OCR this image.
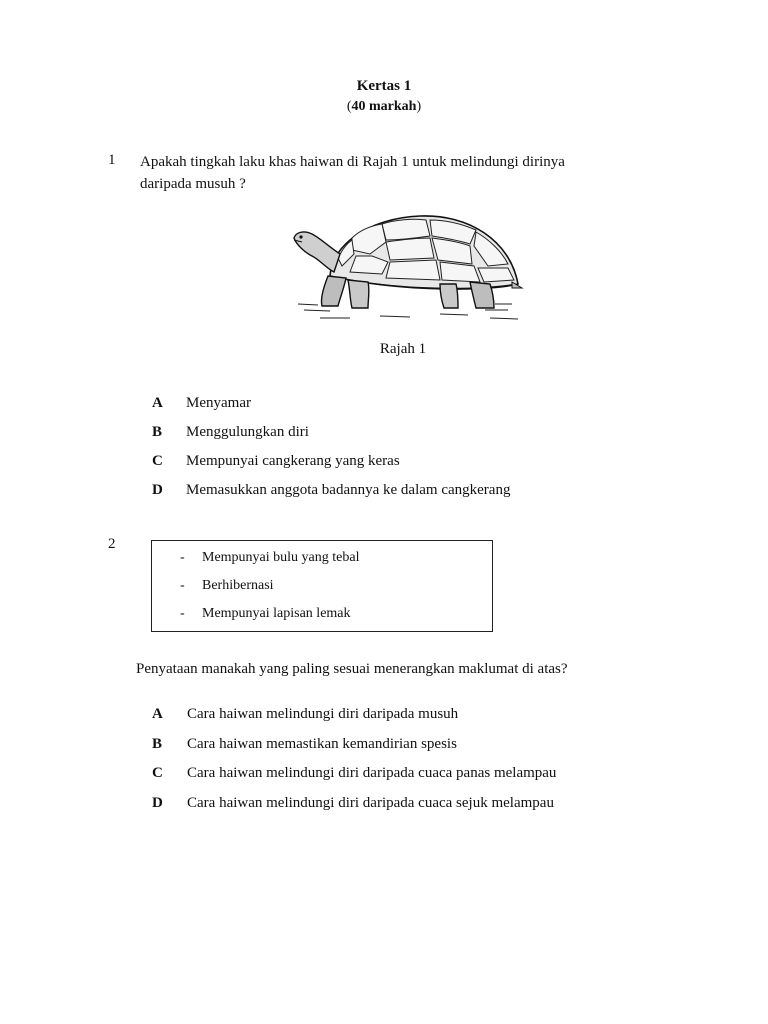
Kertas 1
(40 markah)
1 Apakah tingkah laku khas haiwan di Rajah 1 untuk melindungi dirinya
daripada musuh ?
Rajah 1
A Menyamar
B Menggulungkan diri
C Mempunyai cangkerang yang keras
D Memasukkan anggota badannya ke dalam cangkerang
2
- Mempunyai bulu yang tebal
- Berhibernasi
- Mempunyai lapisan lemak
Penyataan manakah yang paling sesuai menerangkan maklumat di atas?
A Cara haiwan melindungi diri daripada musuh
B Cara haiwan memastikan kemandirian spesis
C Cara haiwan melindungi diri daripada cuaca panas melampau
D Cara haiwan melindungi diri daripada cuaca sejuk melampau
